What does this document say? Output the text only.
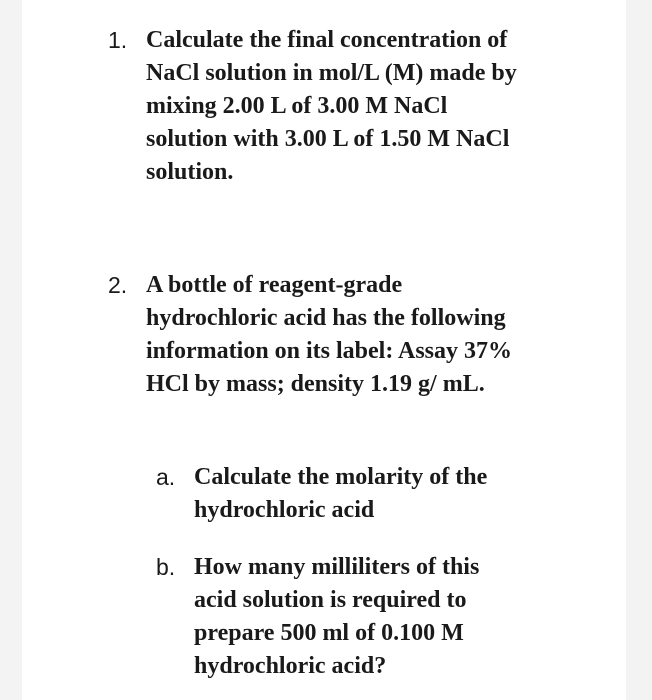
1. Calculate the final concentration of
NaCl solution in mol/L (M) made by
mixing 2.00 L of 3.00 M NaCl
solution with 3.00 L of 1.50 M NaCl
solution.
2. A bottle of reagent-grade
hydrochloric acid has the following
information on its label: Assay 37%
HCl by mass; density 1.19 g/ mL.
a. Calculate the molarity of the
hydrochloric acid
b. How many milliliters of this
acid solution is required to
prepare 500 ml of 0.100 M
hydrochloric acid?
